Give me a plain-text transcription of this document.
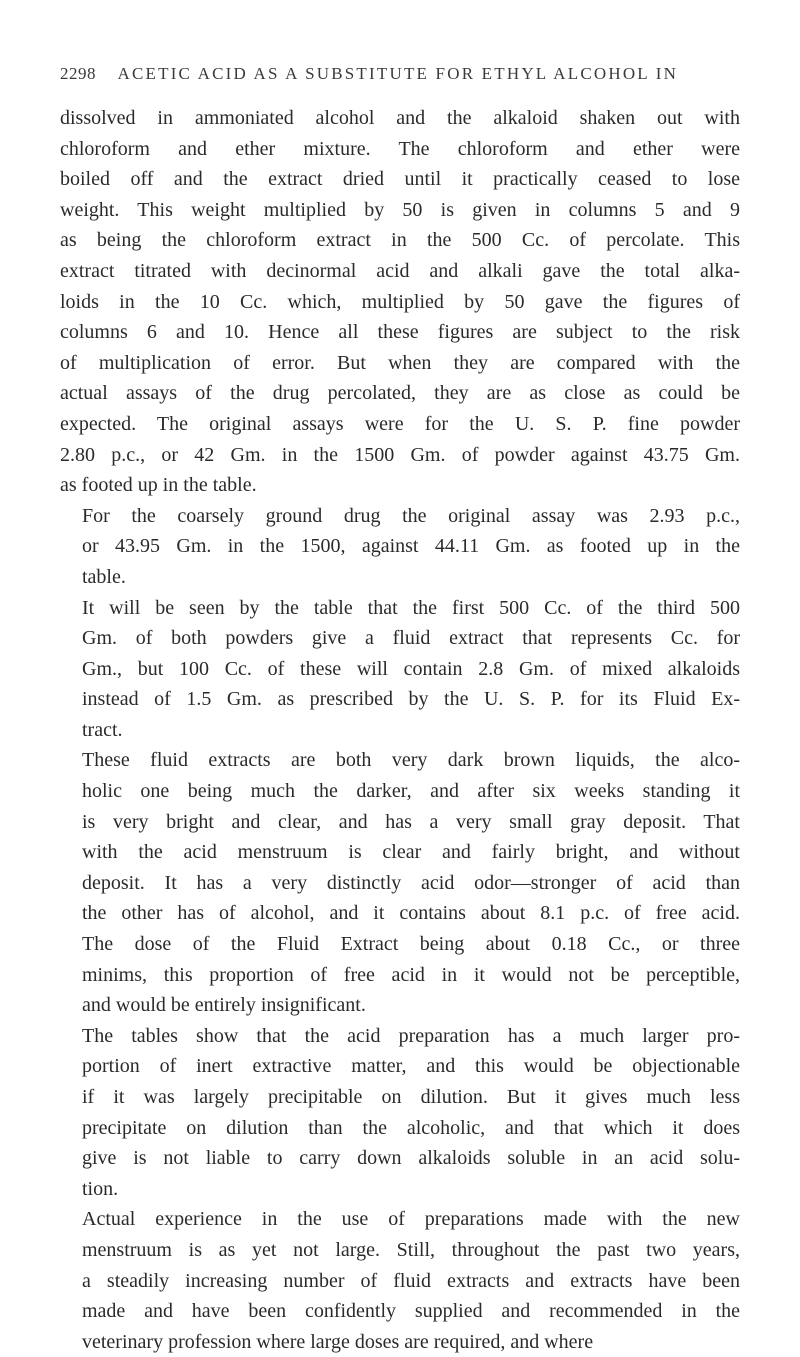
2298 ACETIC ACID AS A SUBSTITUTE FOR ETHYL ALCOHOL IN

dissolved in ammoniated alcohol and the alkaloid shaken out with
chloroform and ether mixture. The chloroform and ether were
boiled off and the extract dried until it practically ceased to lose
weight. This weight multiplied by 50 is given in columns 5 and 9
as being the chloroform extract in the 500 Cc. of percolate. This
extract titrated with decinormal acid and alkali gave the total alka-
loids in the 10 Cc. which, multiplied by 50 gave the figures of
columns 6 and 10. Hence all these figures are subject to the risk
of multiplication of error. But when they are compared with the
actual assays of the drug percolated, they are as close as could be
expected. The original assays were for the U. S. P. fine powder
2.80 p.c., or 42 Gm. in the 1500 Gm. of powder against 43.75 Gm.
as footed up in the table.

For the coarsely ground drug the original assay was 2.93 p.c.,
or 43.95 Gm. in the 1500, against 44.11 Gm. as footed up in the
table.

It will be seen by the table that the first 500 Cc. of the third 500
Gm. of both powders give a fluid extract that represents Cc. for
Gm., but 100 Cc. of these will contain 2.8 Gm. of mixed alkaloids
instead of 1.5 Gm. as prescribed by the U. S. P. for its Fluid Ex-
tract.

These fluid extracts are both very dark brown liquids, the alco-
holic one being much the darker, and after six weeks standing it
is very bright and clear, and has a very small gray deposit. That
with the acid menstruum is clear and fairly bright, and without
deposit. It has a very distinctly acid odor—stronger of acid than
the other has of alcohol, and it contains about 8.1 p.c. of free acid.
The dose of the Fluid Extract being about 0.18 Cc., or three
minims, this proportion of free acid in it would not be perceptible,
and would be entirely insignificant.

The tables show that the acid preparation has a much larger pro-
portion of inert extractive matter, and this would be objectionable
if it was largely precipitable on dilution. But it gives much less
precipitate on dilution than the alcoholic, and that which it does
give is not liable to carry down alkaloids soluble in an acid solu-
tion.

Actual experience in the use of preparations made with the new
menstruum is as yet not large. Still, throughout the past two years,
a steadily increasing number of fluid extracts and extracts have been
made and have been confidently supplied and recommended in the
veterinary profession where large doses are required, and where
